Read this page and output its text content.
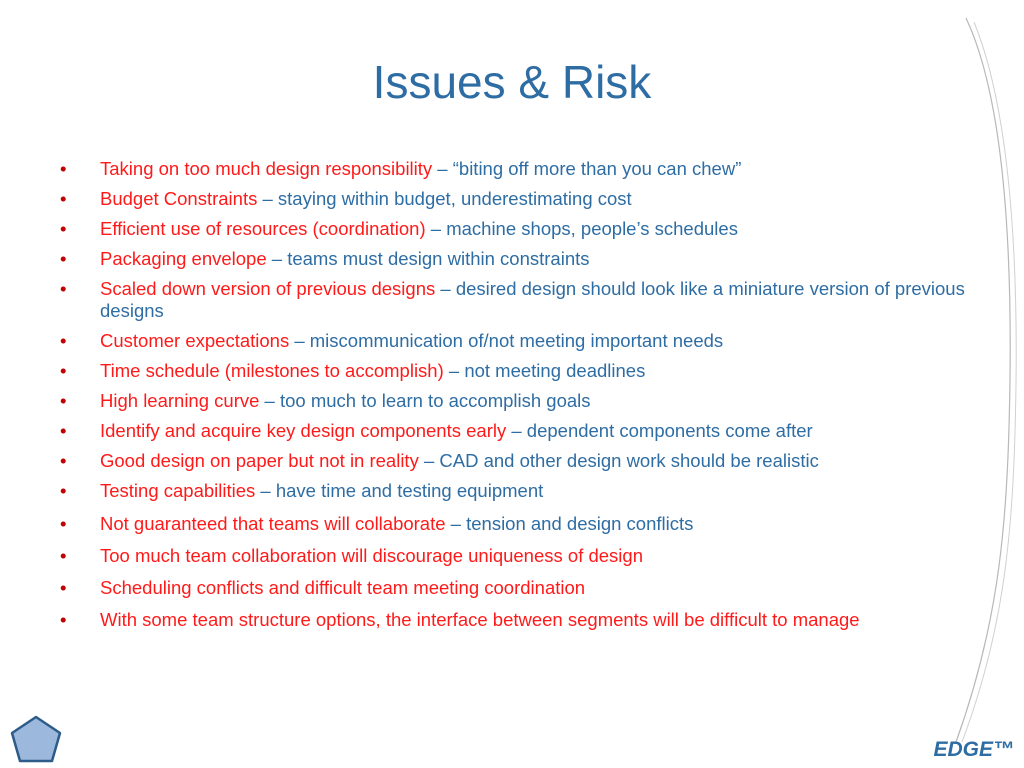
Issues & Risk
• Taking on too much design responsibility – “biting off more than you can chew”
• Budget Constraints – staying within budget, underestimating cost
• Efficient use of resources (coordination) – machine shops, people’s schedules
• Packaging envelope – teams must design within constraints
• Scaled down version of previous designs – desired design should look like a miniature version of previous designs
• Customer expectations – miscommunication of/not meeting important needs
• Time schedule (milestones to accomplish) – not meeting deadlines
• High learning curve – too much to learn to accomplish goals
• Identify and acquire key design components early – dependent components come after
• Good design on paper but not in reality – CAD and other design work should be realistic
• Testing capabilities – have time and testing equipment
• Not guaranteed that teams will collaborate – tension and design conflicts
• Too much team collaboration will discourage uniqueness of design
• Scheduling conflicts and difficult team meeting coordination
• With some team structure options, the interface between segments will be difficult to manage
EDGE™
